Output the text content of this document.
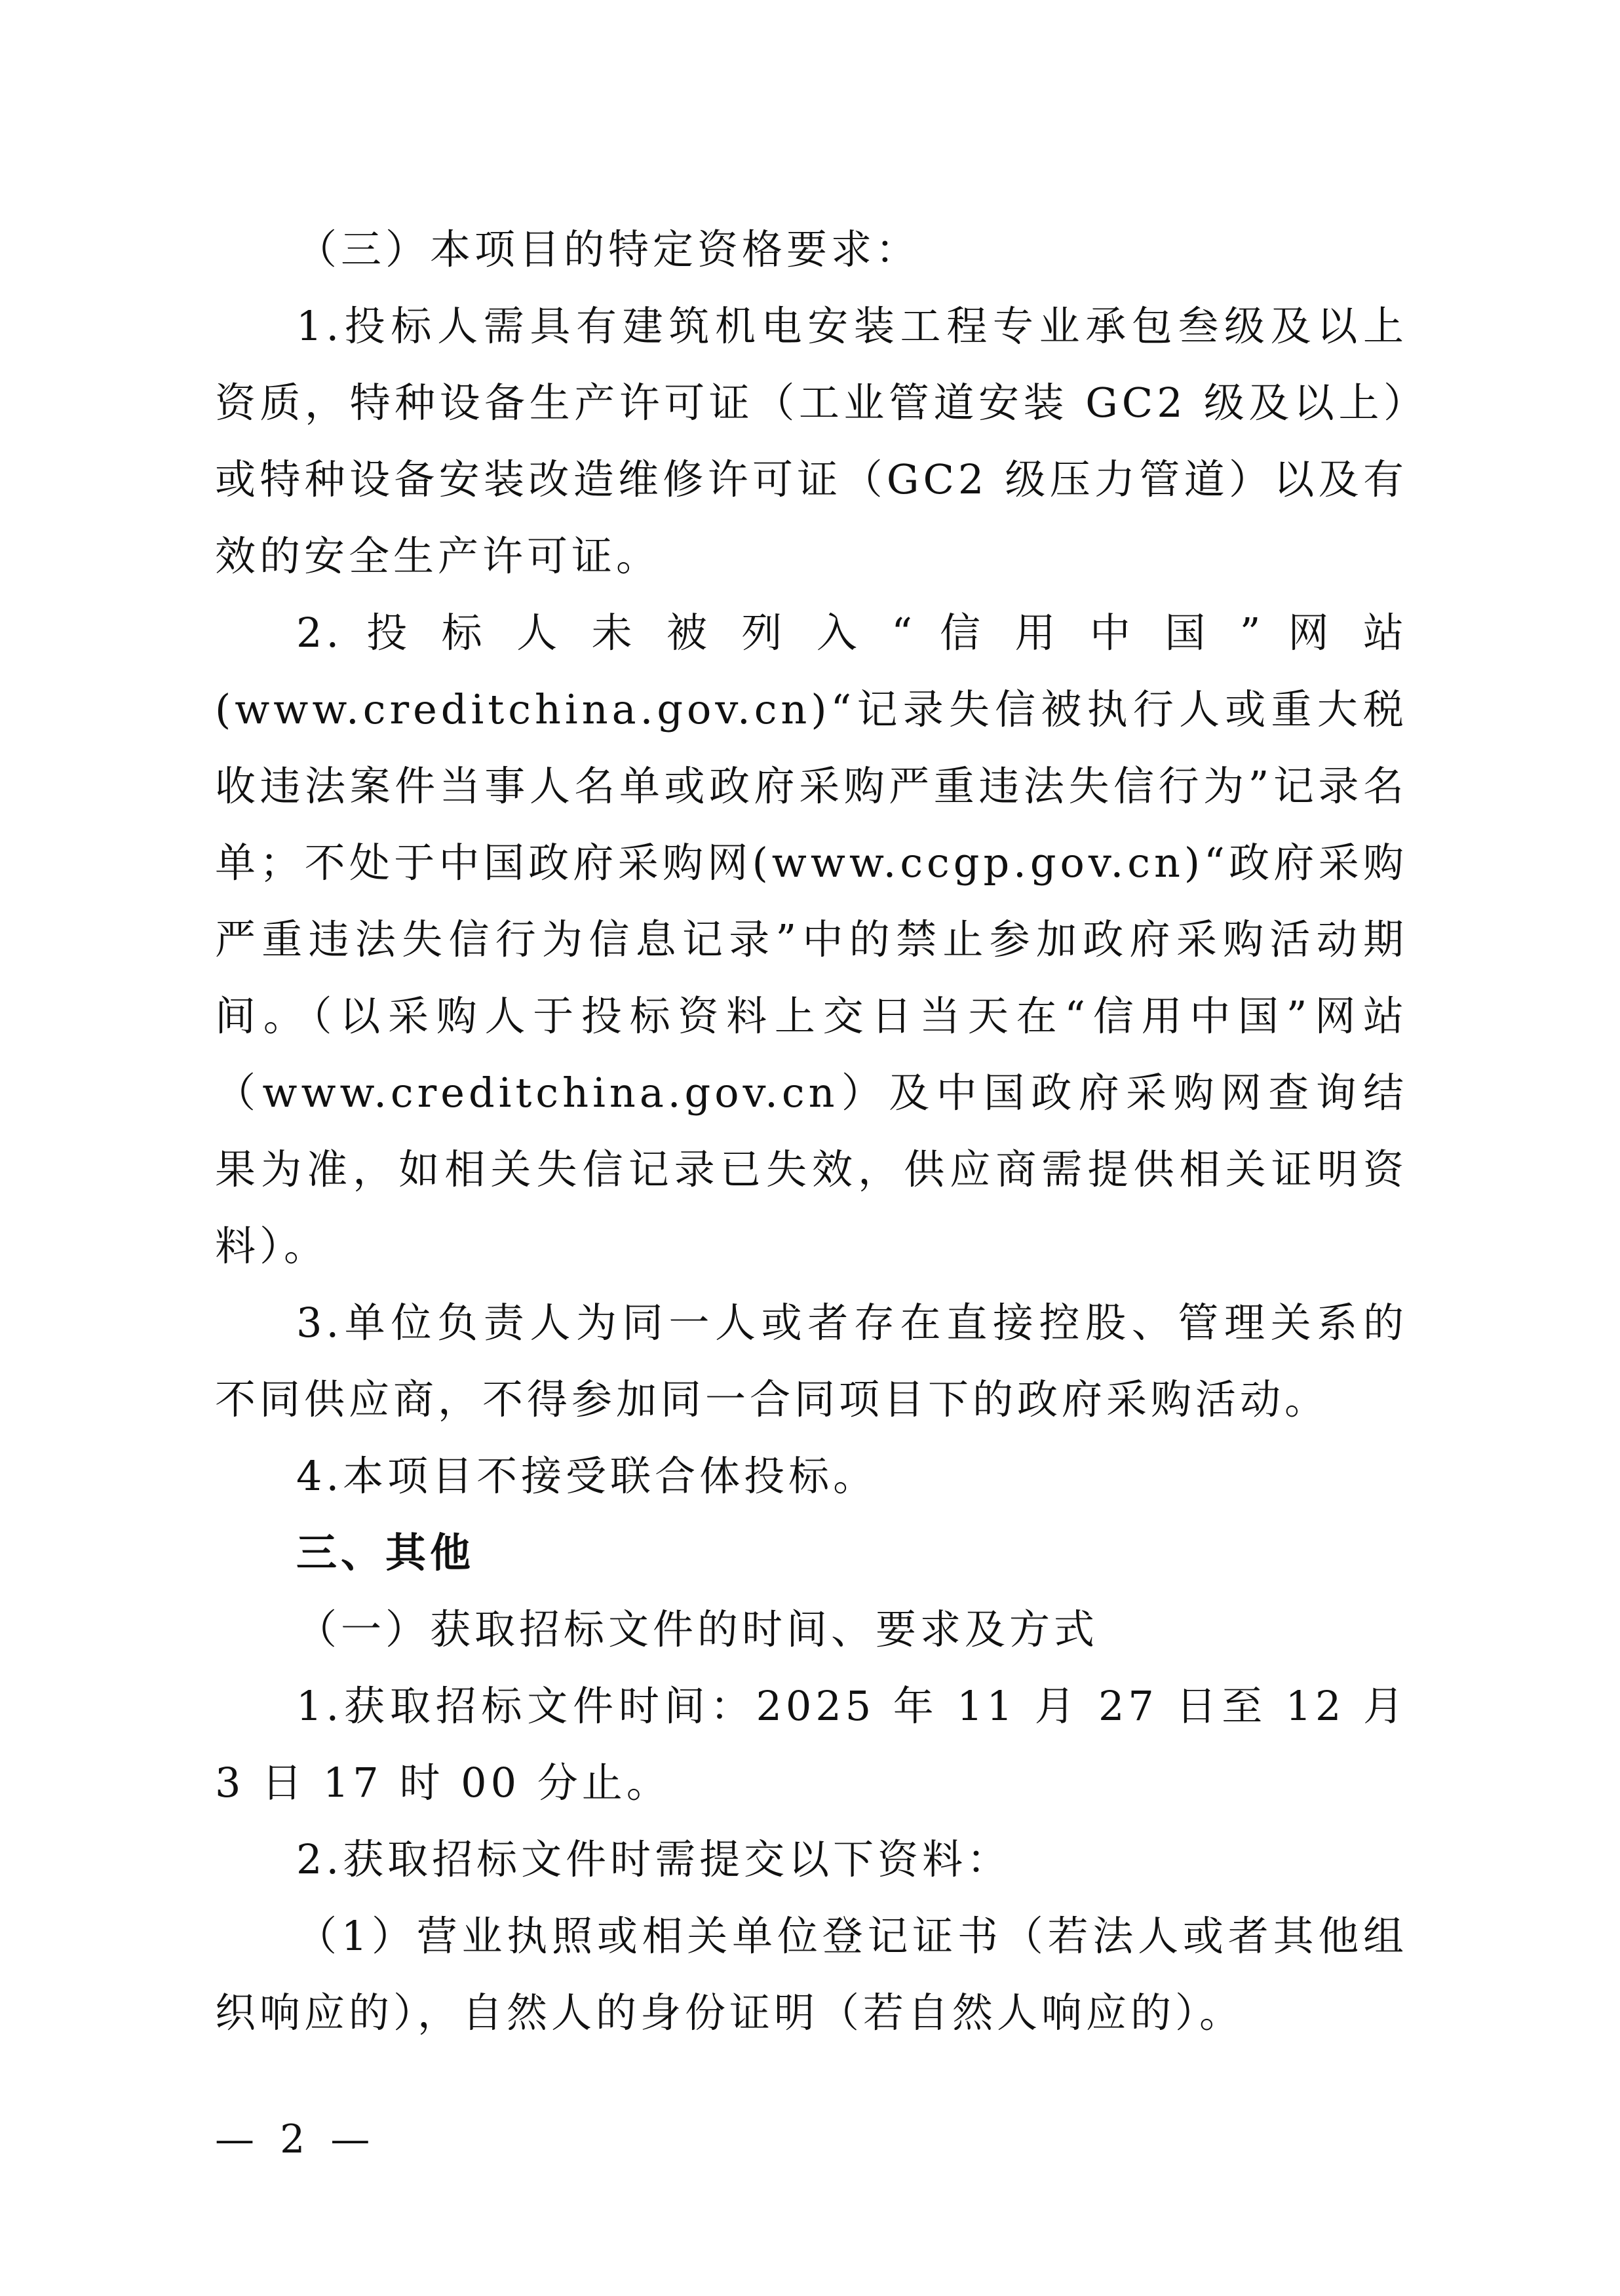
（三）本项目的特定资格要求：

1.投标人需具有建筑机电安装工程专业承包叁级及以上资质，特种设备生产许可证（工业管道安装 GC2 级及以上）或特种设备安装改造维修许可证（GC2 级压力管道）以及有效的安全生产许可证。

2. 投 标 人 未 被 列 入 “ 信 用 中 国 ” 网 站 (www.creditchina.gov.cn)“记录失信被执行人或重大税收违法案件当事人名单或政府采购严重违法失信行为”记录名单；不处于中国政府采购网(www.ccgp.gov.cn)“政府采购严重违法失信行为信息记录”中的禁止参加政府采购活动期间。（以采购人于投标资料上交日当天在“信用中国”网站（www.creditchina.gov.cn）及中国政府采购网查询结果为准，如相关失信记录已失效，供应商需提供相关证明资料）。

3.单位负责人为同一人或者存在直接控股、管理关系的不同供应商，不得参加同一合同项目下的政府采购活动。

4.本项目不接受联合体投标。

三、其他

（一）获取招标文件的时间、要求及方式

1.获取招标文件时间：2025 年 11 月 27 日至 12 月 3 日 17 时 00 分止。

2.获取招标文件时需提交以下资料：

（1）营业执照或相关单位登记证书（若法人或者其他组织响应的），自然人的身份证明（若自然人响应的）。

— 2 —
